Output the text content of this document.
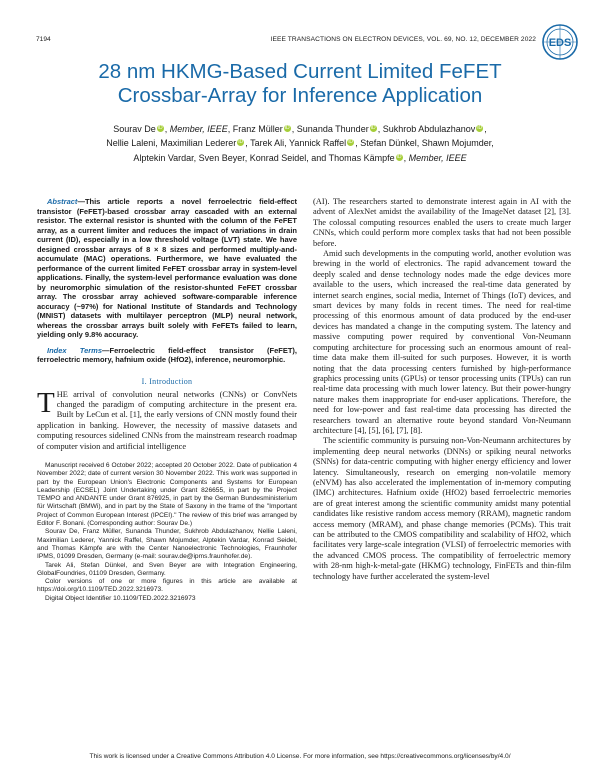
7194	IEEE TRANSACTIONS ON ELECTRON DEVICES, VOL. 69, NO. 12, DECEMBER 2022 EDS
28 nm HKMG-Based Current Limited FeFET
Crossbar-Array for Inference Application
Sourav De iD , Member, IEEE, Franz Müller iD , Sunanda Thunder iD , Sukhrob Abdulazhanov iD ,
Nellie Laleni, Maximilian Lederer iD , Tarek Ali, Yannick Raffel iD , Stefan Dünkel, Shawn Mojumder,
Alptekin Vardar, Sven Beyer, Konrad Seidel, and Thomas Kämpfe iD , Member, IEEE

Abstract—This article reports a novel ferroelectric field-effect transistor (FeFET)-based crossbar array cascaded with an external resistor. The external resistor is shunted with the column of the FeFET array, as a current limiter and reduces the impact of variations in drain current (ID), especially in a low threshold voltage (LVT) state. We have designed crossbar arrays of 8 × 8 sizes and performed multiply-and-accumulate (MAC) operations. Furthermore, we have evaluated the performance of the current limited FeFET crossbar array in system-level applications. Finally, the system-level performance evaluation was done by neuromorphic simulation of the resistor-shunted FeFET crossbar array. The crossbar array achieved software-comparable inference accuracy (~97%) for National Institute of Standards and Technology (MNIST) datasets with multilayer perceptron (MLP) neural network, whereas the crossbar arrays built solely with FeFETs failed to learn, yielding only 9.8% accuracy.

Index Terms—Ferroelectric field-effect transistor (FeFET), ferroelectric memory, hafnium oxide (HfO2), inference, neuromorphic.

I. Introduction

THE arrival of convolution neural networks (CNNs) or ConvNets changed the paradigm of computing architecture in the present era. Built by LeCun et al. [1], the early versions of CNN mostly found their application in banking. However, the necessity of massive datasets and computing resources sidelined CNNs from the mainstream research roadmap of computer vision and artificial intelligence

Manuscript received 6 October 2022; accepted 20 October 2022. Date of publication 4 November 2022; date of current version 30 November 2022. This work was supported in part by the European Union's Electronic Components and Systems for European Leadership (ECSEL) Joint Undertaking under Grant 826655, in part by the Project TEMPO and ANDANTE under Grant 876925, in part by the German Bundesministerium für Wirtschaft (BMWi), and in part by the State of Saxony in the frame of the "Important Project of Common European Interest (IPCEI)." The review of this brief was arranged by Editor F. Bonani. (Corresponding author: Sourav De.)

Sourav De, Franz Müller, Sunanda Thunder, Sukhrob Abdulazhanov, Nellie Laleni, Maximilian Lederer, Yannick Raffel, Shawn Mojumder, Alptekin Vardar, Konrad Seidel, and Thomas Kämpfe are with the Center Nanoelectronic Technologies, Fraunhofer IPMS, 01099 Dresden, Germany (e-mail: sourav.de@ipms.fraunhofer.de).

Tarek Ali, Stefan Dünkel, and Sven Beyer are with Integration Engineering, GlobalFoundries, 01109 Dresden, Germany.

Color versions of one or more figures in this article are available at https://doi.org/10.1109/TED.2022.3216973.

Digital Object Identifier 10.1109/TED.2022.3216973

(AI). The researchers started to demonstrate interest again in AI with the advent of AlexNet amidst the availability of the ImageNet dataset [2], [3]. The colossal computing resources enabled the users to create much larger CNNs, which could perform more complex tasks that had not been possible before.

Amid such developments in the computing world, another evolution was brewing in the world of electronics. The rapid advancement toward the deeply scaled and dense technology nodes made the edge devices more available to the users, which increased the real-time data generated by internet search engines, social media, Internet of Things (IoT) devices, and smart devices by many folds in recent times. The need for real-time processing of this enormous amount of data produced by the end-user devices has mandated a change in the computing system. The latency and massive computing power required by conventional Von-Neumann computing architecture for processing such an enormous amount of real-time data make them ill-suited for such purposes. However, it is worth noting that the data processing centers furnished by high-performance graphics processing units (GPUs) or tensor processing units (TPUs) can run real-time data processing with much lower latency. But their power-hungry nature makes them inappropriate for end-user applications. Therefore, the need for low-power and fast real-time data processing has directed the researchers toward an alternative route beyond standard Von-Neumann architecture [4], [5], [6], [7], [8].

The scientific community is pursuing non-Von-Neumann architectures by implementing deep neural networks (DNNs) or spiking neural networks (SNNs) for data-centric computing with higher energy efficiency and lower latency. Simultaneously, research on emerging non-volatile memory (eNVM) has also accelerated the implementation of in-memory computing (IMC) architectures. Hafnium oxide (HfO2) based ferroelectric memories are of great interest among the scientific community amidst many potential candidates like resistive random access memory (RRAM), magnetic random access memory (MRAM), and phase change memories (PCMs). This trait can be attributed to the CMOS compatibility and scalability of HfO2, which facilitates very large-scale integration (VLSI) of ferroelectric memories with the advanced CMOS process. The compatibility of ferroelectric memory with 28-nm high-k-metal-gate (HKMG) technology, FinFETs and thin-film technology have further accelerated the system-level

This work is licensed under a Creative Commons Attribution 4.0 License. For more information, see https://creativecommons.org/licenses/by/4.0/
